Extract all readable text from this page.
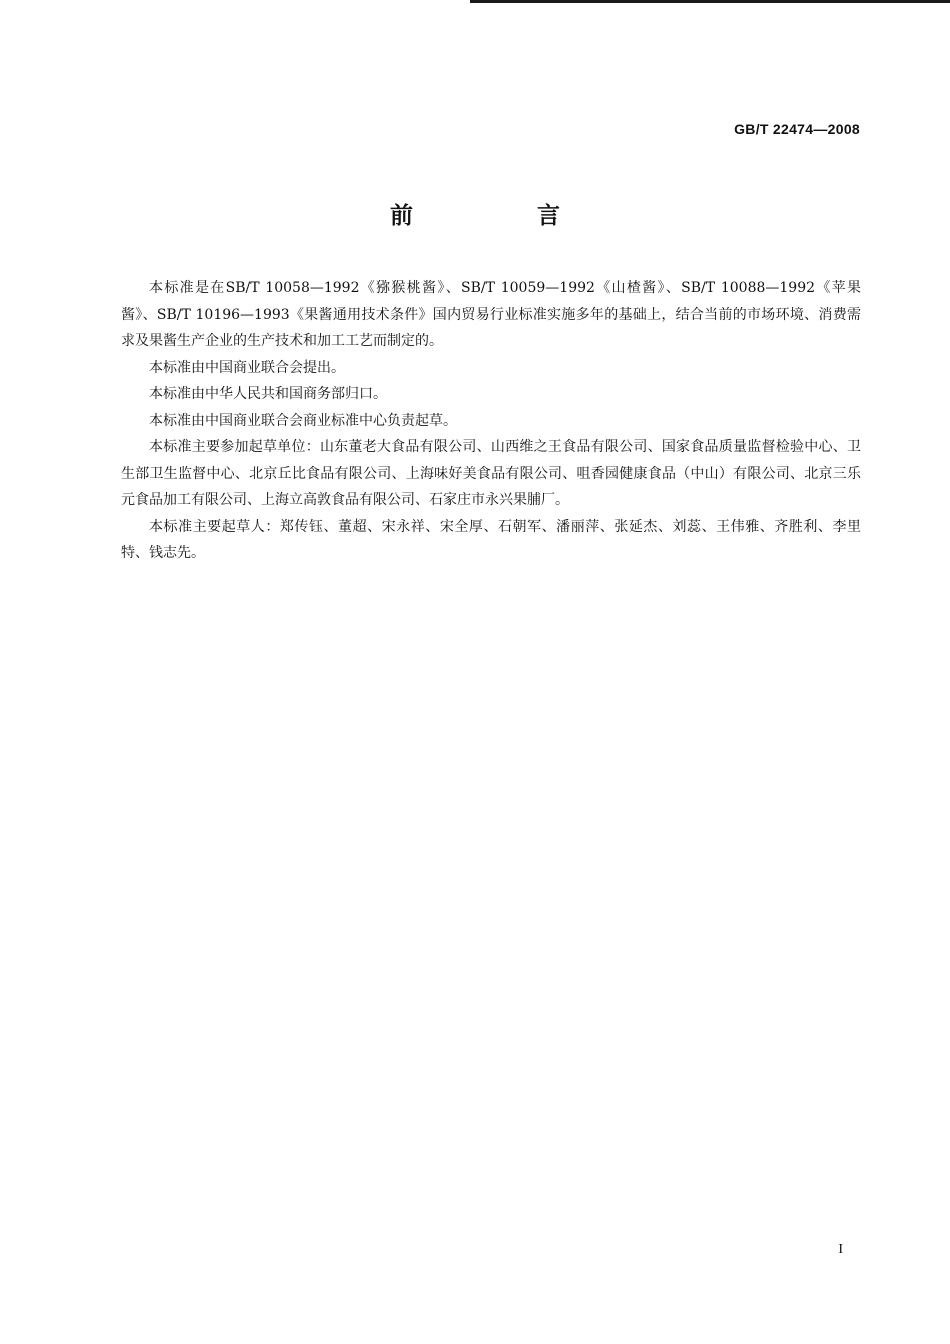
GB/T 22474—2008
前 言

本标准是在SB/T 10058—1992《猕猴桃酱》、SB/T 10059—1992《山楂酱》、SB/T 10088—1992《苹果酱》、SB/T 10196—1993《果酱通用技术条件》国内贸易行业标准实施多年的基础上，结合当前的市场环境、消费需求及果酱生产企业的生产技术和加工工艺而制定的。

本标准由中国商业联合会提出。

本标准由中华人民共和国商务部归口。

本标准由中国商业联合会商业标准中心负责起草。

本标准主要参加起草单位：山东董老大食品有限公司、山西维之王食品有限公司、国家食品质量监督检验中心、卫生部卫生监督中心、北京丘比食品有限公司、上海味好美食品有限公司、咀香园健康食品（中山）有限公司、北京三乐元食品加工有限公司、上海立高敦食品有限公司、石家庄市永兴果脯厂。

本标准主要起草人：郑传钰、董超、宋永祥、宋全厚、石朝军、潘丽萍、张延杰、刘蕊、王伟雅、齐胜利、李里特、钱志先。

I
